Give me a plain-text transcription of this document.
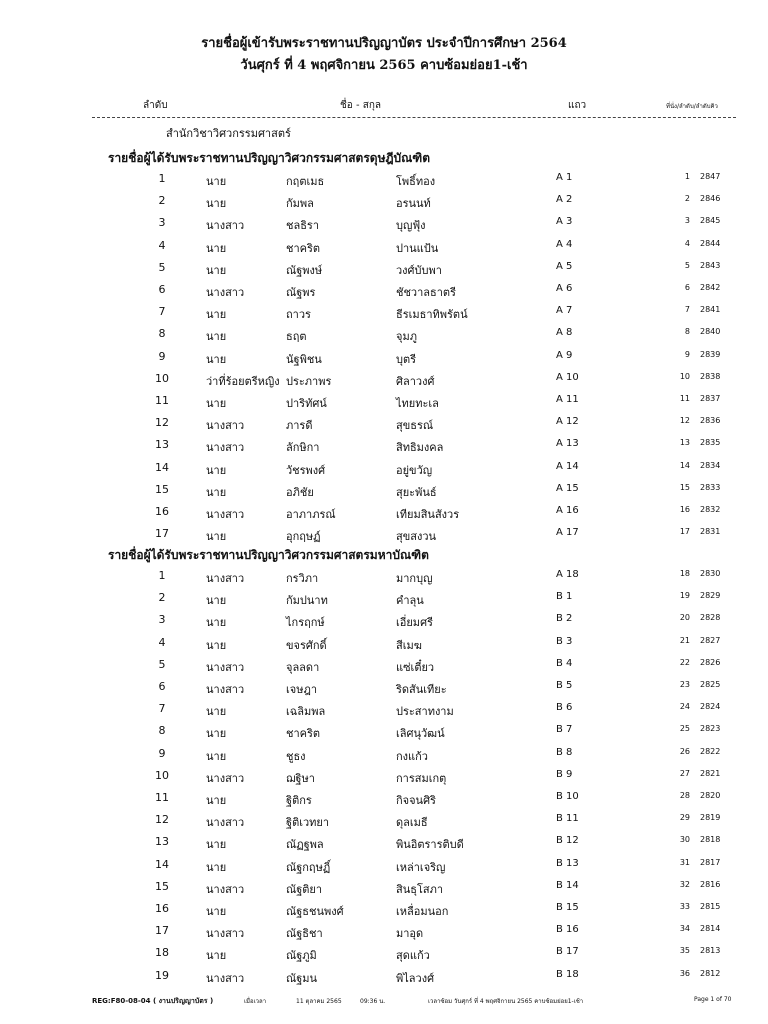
รายชื่อผู้เข้ารับพระราชทานปริญญาบัตร ประจำปีการศึกษา 2564
วันศุกร์ ที่ 4 พฤศจิกายน 2565 คาบซ้อมย่อย1-เช้า
ลำดับ	ชื่อ - สกุล	แถว	ที่นั่ง/ลำดับ/ลำดับคิว
สำนักวิชาวิศวกรรมศาสตร์
รายชื่อผู้ได้รับพระราชทานปริญญาวิศวกรรมศาสตรดุษฎีบัณฑิต
1	นาย	กฤตเมธ	โพธิ์ทอง	A 1	1 2847
2	นาย	กัมพล	อรนนท์	A 2	2 2846
3	นางสาว	ชลธิรา	บุญฟุ้ง	A 3	3 2845
4	นาย	ชาคริต	ปานแป้น	A 4	4 2844
5	นาย	ณัฐพงษ์	วงศ์บับพา	A 5	5 2843
6	นางสาว	ณัฐพร	ชัชวาลธาตรี	A 6	6 2842
7	นาย	ถาวร	ธีรเมธาทิพรัตน์	A 7	7 2841
8	นาย	ธฤต	จุมภู	A 8	8 2840
9	นาย	นัฐพิชน	บุตรี	A 9	9 2839
10	ว่าที่ร้อยตรีหญิง ประภาพร	ศิลาวงศ์	A 10	10 2838
11	นาย	ปาริทัศน์	ไทยทะเล	A 11	11 2837
12	นางสาว	ภารดี	สุขธรณ์	A 12	12 2836
13	นางสาว	ลักษิกา	สิทธิมงคล	A 13	13 2835
14	นาย	วัชรพงศ์	อยู่ขวัญ	A 14	14 2834
15	นาย	อภิชัย	สุยะพันธ์	A 15	15 2833
16	นางสาว	อาภาภรณ์	เทียมสินสังวร	A 16	16 2832
17	นาย	อุกฤษฏ์	สุขสงวน	A 17	17 2831
รายชื่อผู้ได้รับพระราชทานปริญญาวิศวกรรมศาสตรมหาบัณฑิต
1	นางสาว	กรวิภา	มากบุญ	A 18	18 2830
2	นาย	กัมปนาท	คำลุน	B 1	19 2829
3	นาย	ไกรฤกษ์	เอี่ยมศรี	B 2	20 2828
4	นาย	ขจรศักดิ์	สีเมฆ	B 3	21 2827
5	นางสาว	จุลลดา	แซ่เตี๋ยว	B 4	22 2826
6	นางสาว	เจษฎา	ริดสันเทียะ	B 5	23 2825
7	นาย	เฉลิมพล	ประสาทงาม	B 6	24 2824
8	นาย	ชาคริต	เลิศนุวัฒน์	B 7	25 2823
9	นาย	ชูธง	กงแก้ว	B 8	26 2822
10	นางสาว	ฌฐิษา	การสมเกตุ	B 9	27 2821
11	นาย	ฐิติกร	กิจจนศิริ	B 10	28 2820
12	นางสาว	ฐิติเวทยา	ดุลเมธี	B 11	29 2819
13	นาย	ณัฏฐพล	พินอิตรารติบดี	B 12	30 2818
14	นาย	ณัฐกฤษฏิ์	เหล่าเจริญ	B 13	31 2817
15	นางสาว	ณัฐติยา	สินธุโสภา	B 14	32 2816
16	นาย	ณัฐธชนพงศ์	เหลื่อมนอก	B 15	33 2815
17	นางสาว	ณัฐธิชา	มาอุด	B 16	34 2814
18	นาย	ณัฐภูมิ	สุดแก้ว	B 17	35 2813
19	นางสาว	ณัฐมน	พิไลวงศ์	B 18	36 2812
REG:F80-08-04 ( งานปริญญาบัตร )	เมื่อเวลา	11 ตุลาคม 2565	09:36 น.	เวลาซ้อม วันศุกร์ ที่ 4 พฤศจิกายน 2565 คาบซ้อมย่อย1-เช้า	Page 1 of 70
